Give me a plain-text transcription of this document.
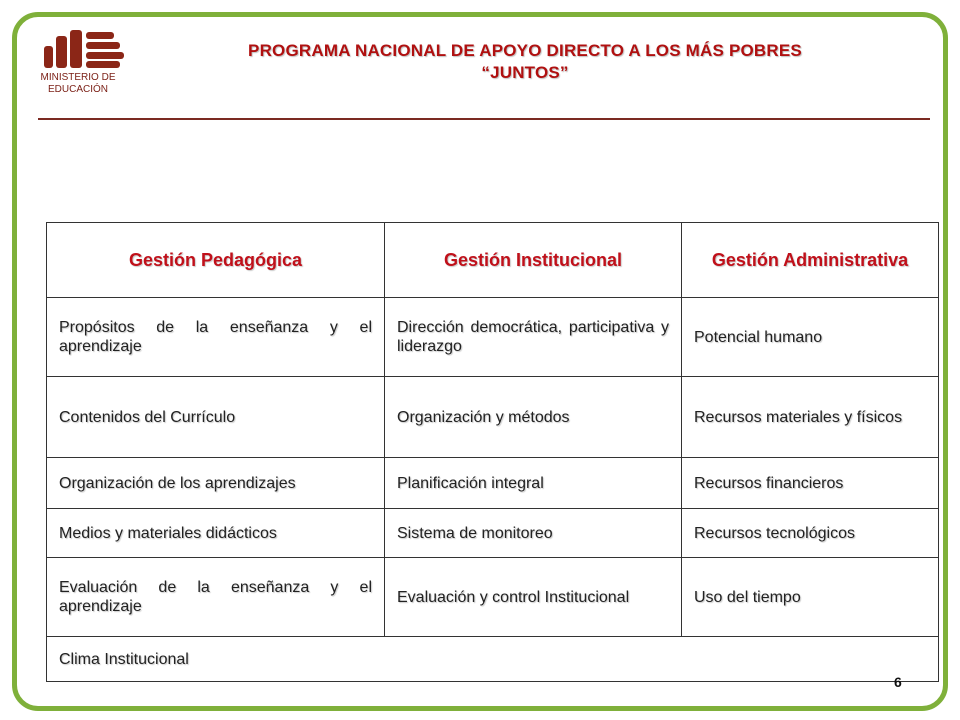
MINISTERIO DE
EDUCACIÓN
PROGRAMA NACIONAL DE APOYO DIRECTO A LOS MÁS POBRES
“JUNTOS”
Gestión Pedagógica	Gestión Institucional	Gestión Administrativa
Propósitos de la enseñanza y el aprendizaje	Dirección democrática, participativa y liderazgo	Potencial humano
Contenidos del Currículo	Organización y métodos	Recursos materiales y físicos
Organización de los aprendizajes	Planificación integral	Recursos financieros
Medios y materiales didácticos	Sistema de monitoreo	Recursos tecnológicos
Evaluación de la enseñanza y el aprendizaje	Evaluación y control Institucional	Uso del tiempo
Clima Institucional		
6
